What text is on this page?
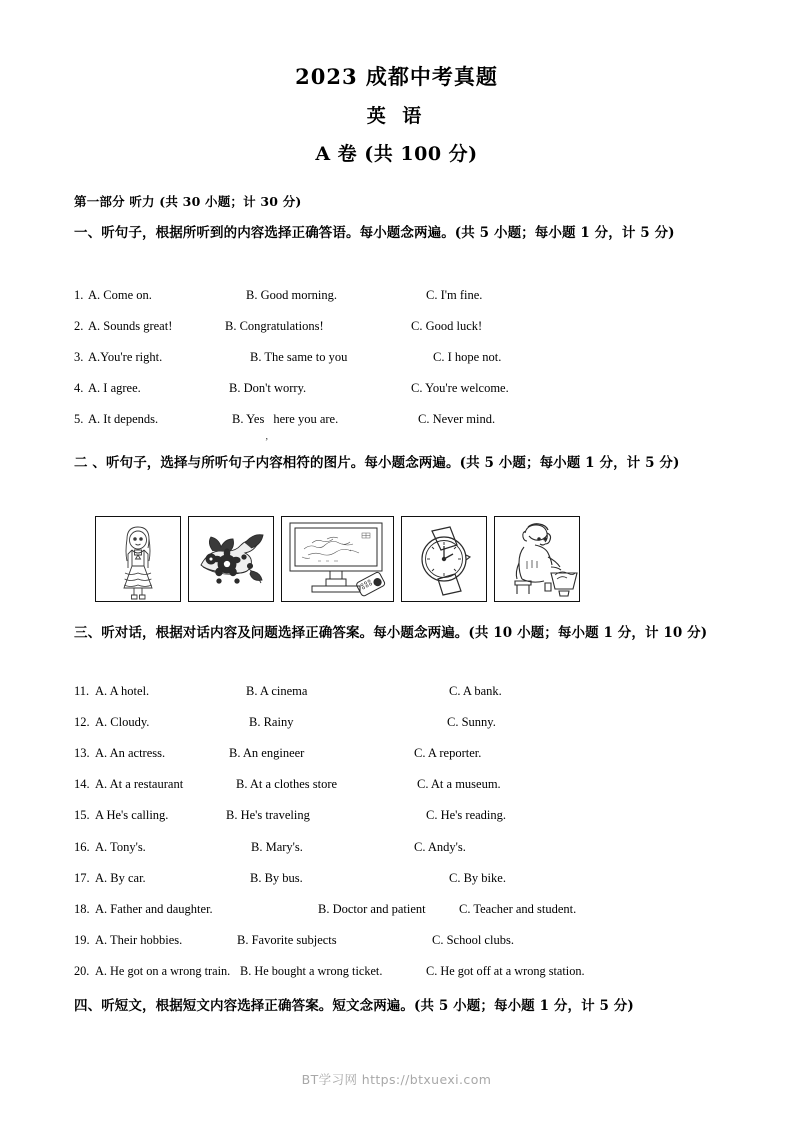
2023 成都中考真题
英 语
A 卷 (共 100 分)
第一部分 听力 (共 30 小题；计 30 分)
一、听句子，根据所听到的内容选择正确答语。每小题念两遍。(共 5 小题；每小题 1 分，计 5 分)
1. A. Come on.	B. Good morning.	C. I'm fine.
2. A. Sounds great!	B. Congratulations!	C. Good luck!
3. A.You're right.	B. The same to you	C. I hope not.
4. A. I agree.	B. Don't worry.	C. You're welcome.
5. A. It depends.	B. Yes here you are.	C. Never mind.
二 、听句子，选择与所听句子内容相符的图片。每小题念两遍。(共 5 小题；每小题 1 分，计 5 分)
三、听对话，根据对话内容及问题选择正确答案。每小题念两遍。(共 10 小题；每小题 1 分，计 10 分)
11. A. A hotel.	B. A cinema	C. A bank.
12. A. Cloudy.	B. Rainy	C. Sunny.
13. A. An actress.	B. An engineer	C. A reporter.
14. A. At a restaurant	B. At a clothes store	C. At a museum.
15. A He's calling.	B. He's traveling	C. He's reading.
16. A. Tony's.	B. Mary's.	C. Andy's.
17. A. By car.	B. By bus.	C. By bike.
18. A. Father and daughter.	B. Doctor and patient	C. Teacher and student.
19. A. Their hobbies.	B. Favorite subjects	C. School clubs.
20. A. He got on a wrong train. B. He bought a wrong ticket.	C. He got off at a wrong station.
四、听短文，根据短文内容选择正确答案。短文念两遍。(共 5 小题；每小题 1 分，计 5 分)
BT学习网 https://btxuexi.com
